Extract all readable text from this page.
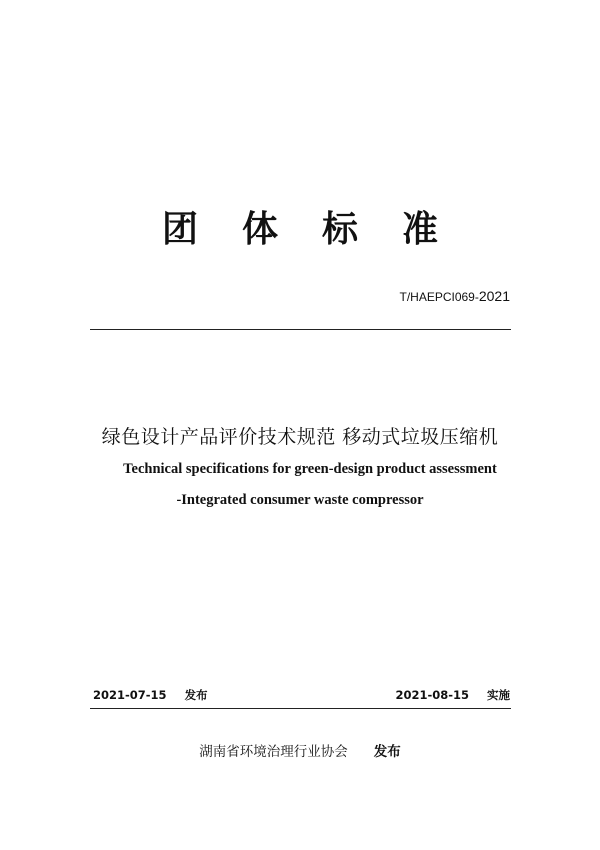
团 体 标 准
T/HAEPCI069-2021
绿色设计产品评价技术规范 移动式垃圾压缩机
Technical specifications for green-design product assessment
-Integrated consumer waste compressor
2021-07-15 发布	2021-08-15 实施
湖南省环境治理行业协会 发布
